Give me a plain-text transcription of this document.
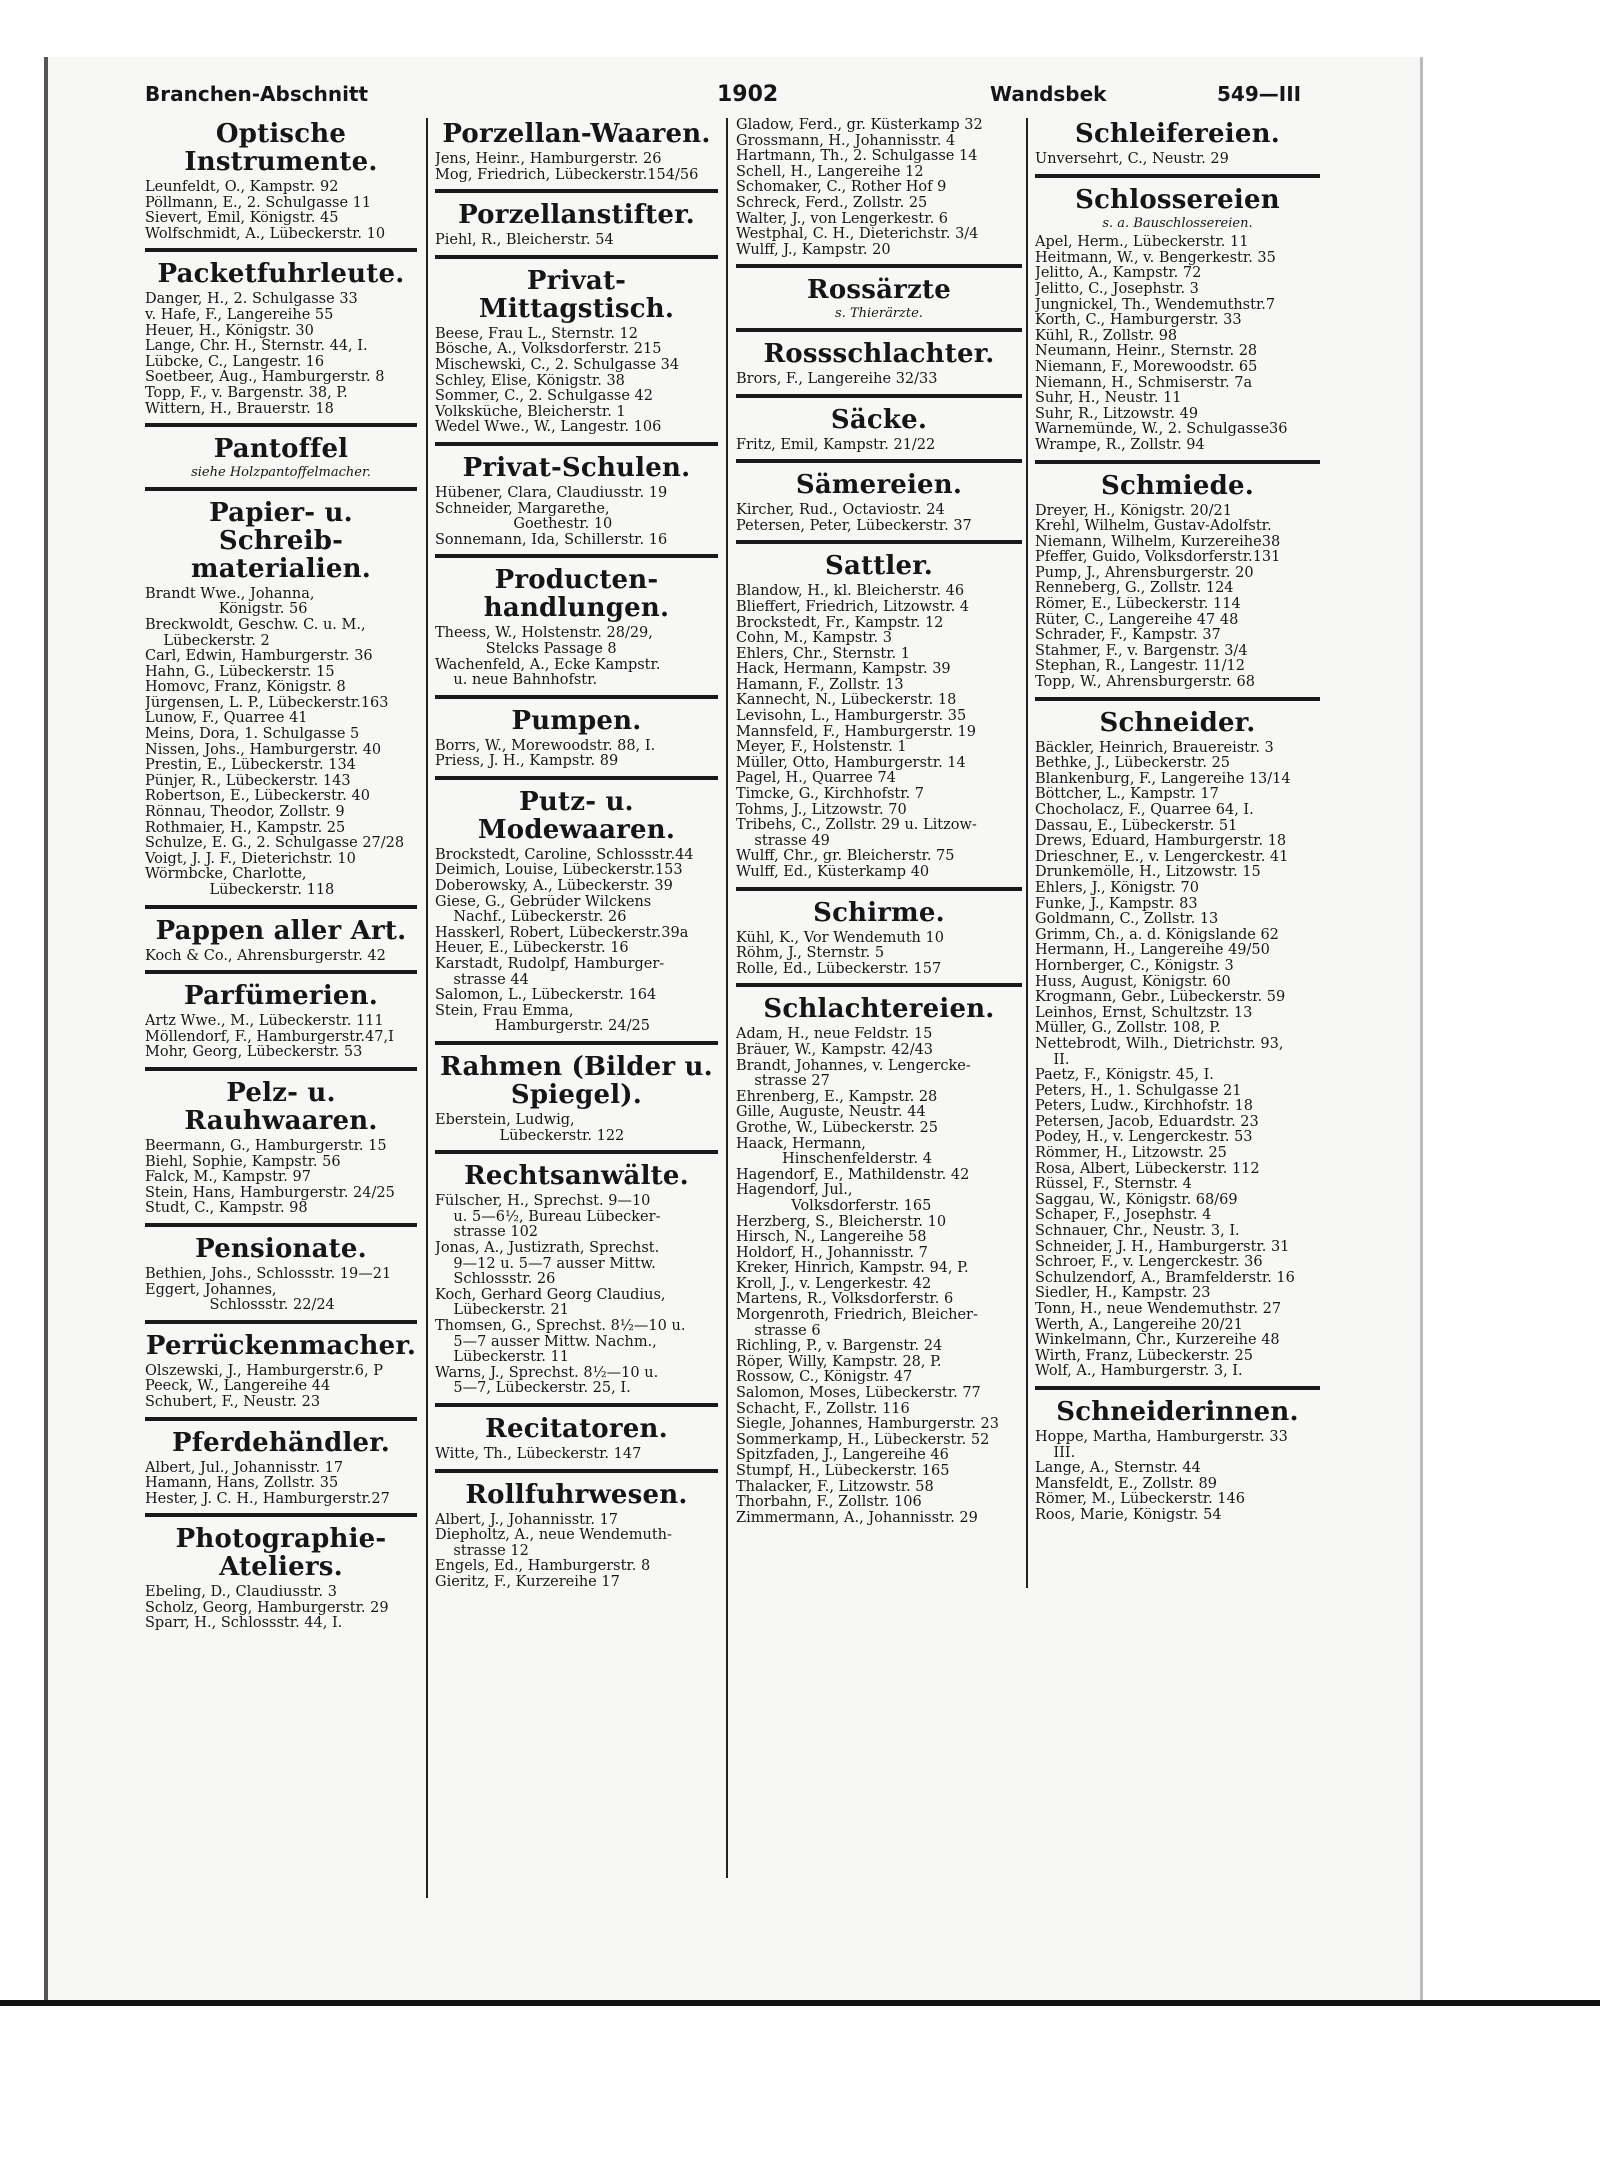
Branchen-Abschnitt	1902	Wandsbek	549—III
Optische Instrumente.
Leunfeldt, O., Kampstr. 92
Pöllmann, E., 2. Schulgasse 11
Sievert, Emil, Königstr. 45
Wolfschmidt, A., Lübeckerstr. 10
Packetfuhrleute.
Danger, H., 2. Schulgasse 33
v. Hafe, F., Langereihe 55
Heuer, H., Königstr. 30
Lange, Chr. H., Sternstr. 44, I.
Lübcke, C., Langestr. 16
Soetbeer, Aug., Hamburgerstr. 8
Topp, F., v. Bargenstr. 38, P.
Wittern, H., Brauerstr. 18
Pantoffel
siehe Holzpantoffelmacher.
Papier- u. Schreib-materialien.
Brandt Wwe., Johanna,
Königstr. 56
Breckwoldt, Geschw. C. u. M.,
Lübeckerstr. 2
Carl, Edwin, Hamburgerstr. 36
Hahn, G., Lübeckerstr. 15
Homovc, Franz, Königstr. 8
Jürgensen, L. P., Lübeckerstr.163
Lunow, F., Quarree 41
Meins, Dora, 1. Schulgasse 5
Nissen, Johs., Hamburgerstr. 40
Prestin, E., Lübeckerstr. 134
Pünjer, R., Lübeckerstr. 143
Robertson, E., Lübeckerstr. 40
Rönnau, Theodor, Zollstr. 9
Rothmaier, H., Kampstr. 25
Schulze, E. G., 2. Schulgasse 27/28
Voigt, J. J. F., Dieterichstr. 10
Wörmbcke, Charlotte,
Lübeckerstr. 118
Pappen aller Art.
Koch & Co., Ahrensburgerstr. 42
Parfümerien.
Artz Wwe., M., Lübeckerstr. 111
Möllendorf, F., Hamburgerstr.47,I
Mohr, Georg, Lübeckerstr. 53
Pelz- u. Rauhwaaren.
Beermann, G., Hamburgerstr. 15
Biehl, Sophie, Kampstr. 56
Falck, M., Kampstr. 97
Stein, Hans, Hamburgerstr. 24/25
Studt, C., Kampstr. 98
Pensionate.
Bethien, Johs., Schlossstr. 19—21
Eggert, Johannes,
Schlossstr. 22/24
Perrückenmacher.
Olszewski, J., Hamburgerstr.6, P
Peeck, W., Langereihe 44
Schubert, F., Neustr. 23
Pferdehändler.
Albert, Jul., Johannisstr. 17
Hamann, Hans, Zollstr. 35
Hester, J. C. H., Hamburgerstr.27
Photographie-Ateliers.
Ebeling, D., Claudiusstr. 3
Scholz, Georg, Hamburgerstr. 29
Sparr, H., Schlossstr. 44, I.
Porzellan-Waaren.
Jens, Heinr., Hamburgerstr. 26
Mog, Friedrich, Lübeckerstr.154/56
Porzellanstifter.
Piehl, R., Bleicherstr. 54
Privat-Mittagstisch.
Beese, Frau L., Sternstr. 12
Bösche, A., Volksdorferstr. 215
Mischewski, C., 2. Schulgasse 34
Schley, Elise, Königstr. 38
Sommer, C., 2. Schulgasse 42
Volksküche, Bleicherstr. 1
Wedel Wwe., W., Langestr. 106
Privat-Schulen.
Hübener, Clara, Claudiusstr. 19
Schneider, Margarethe,
Goethestr. 10
Sonnemann, Ida, Schillerstr. 16
Producten-handlungen.
Theess, W., Holstenstr. 28/29,
Stelcks Passage 8
Wachenfeld, A., Ecke Kampstr.
u. neue Bahnhofstr.
Pumpen.
Borrs, W., Morewoodstr. 88, I.
Priess, J. H., Kampstr. 89
Putz- u. Modewaaren.
Brockstedt, Caroline, Schlossstr.44
Deimich, Louise, Lübeckerstr.153
Doberowsky, A., Lübeckerstr. 39
Giese, G., Gebrüder Wilckens
Nachf., Lübeckerstr. 26
Hasskerl, Robert, Lübeckerstr.39a
Heuer, E., Lübeckerstr. 16
Karstadt, Rudolpf, Hamburger-
strasse 44
Salomon, L., Lübeckerstr. 164
Stein, Frau Emma,
Hamburgerstr. 24/25
Rahmen (Bilder u. Spiegel).
Eberstein, Ludwig,
Lübeckerstr. 122
Rechtsanwälte.
Fülscher, H., Sprechst. 9—10
u. 5—6½, Bureau Lübecker-
strasse 102
Jonas, A., Justizrath, Sprechst.
9—12 u. 5—7 ausser Mittw.
Schlossstr. 26
Koch, Gerhard Georg Claudius,
Lübeckerstr. 21
Thomsen, G., Sprechst. 8½—10 u.
5—7 ausser Mittw. Nachm.,
Lübeckerstr. 11
Warns, J., Sprechst. 8½—10 u.
5—7, Lübeckerstr. 25, I.
Recitatoren.
Witte, Th., Lübeckerstr. 147
Rollfuhrwesen.
Albert, J., Johannisstr. 17
Diepholtz, A., neue Wendemuth-
strasse 12
Engels, Ed., Hamburgerstr. 8
Gieritz, F., Kurzereihe 17
Gladow, Ferd., gr. Küsterkamp 32
Grossmann, H., Johannisstr. 4
Hartmann, Th., 2. Schulgasse 14
Schell, H., Langereihe 12
Schomaker, C., Rother Hof 9
Schreck, Ferd., Zollstr. 25
Walter, J., von Lengerkestr. 6
Westphal, C. H., Dieterichstr. 3/4
Wulff, J., Kampstr. 20
Rossärzte
s. Thierärzte.
Rossschlachter.
Brors, F., Langereihe 32/33
Säcke.
Fritz, Emil, Kampstr. 21/22
Sämereien.
Kircher, Rud., Octaviostr. 24
Petersen, Peter, Lübeckerstr. 37
Sattler.
Blandow, H., kl. Bleicherstr. 46
Blieffert, Friedrich, Litzowstr. 4
Brockstedt, Fr., Kampstr. 12
Cohn, M., Kampstr. 3
Ehlers, Chr., Sternstr. 1
Hack, Hermann, Kampstr. 39
Hamann, F., Zollstr. 13
Kannecht, N., Lübeckerstr. 18
Levisohn, L., Hamburgerstr. 35
Mannsfeld, F., Hamburgerstr. 19
Meyer, F., Holstenstr. 1
Müller, Otto, Hamburgerstr. 14
Pagel, H., Quarree 74
Timcke, G., Kirchhofstr. 7
Tohms, J., Litzowstr. 70
Tribehs, C., Zollstr. 29 u. Litzow-
strasse 49
Wulff, Chr., gr. Bleicherstr. 75
Wulff, Ed., Küsterkamp 40
Schirme.
Kühl, K., Vor Wendemuth 10
Röhm, J., Sternstr. 5
Rolle, Ed., Lübeckerstr. 157
Schlachtereien.
Adam, H., neue Feldstr. 15
Bräuer, W., Kampstr. 42/43
Brandt, Johannes, v. Lengercke-
strasse 27
Ehrenberg, E., Kampstr. 28
Gille, Auguste, Neustr. 44
Grothe, W., Lübeckerstr. 25
Haack, Hermann,
Hinschenfelderstr. 4
Hagendorf, E., Mathildenstr. 42
Hagendorf, Jul.,
Volksdorferstr. 165
Herzberg, S., Bleicherstr. 10
Hirsch, N., Langereihe 58
Holdorf, H., Johannisstr. 7
Kreker, Hinrich, Kampstr. 94, P.
Kroll, J., v. Lengerkestr. 42
Martens, R., Volksdorferstr. 6
Morgenroth, Friedrich, Bleicher-
strasse 6
Richling, P., v. Bargenstr. 24
Röper, Willy, Kampstr. 28, P.
Rossow, C., Königstr. 47
Salomon, Moses, Lübeckerstr. 77
Schacht, F., Zollstr. 116
Siegle, Johannes, Hamburgerstr. 23
Sommerkamp, H., Lübeckerstr. 52
Spitzfaden, J., Langereihe 46
Stumpf, H., Lübeckerstr. 165
Thalacker, F., Litzowstr. 58
Thorbahn, F., Zollstr. 106
Zimmermann, A., Johannisstr. 29
Schleifereien.
Unversehrt, C., Neustr. 29
Schlossereien
s. a. Bauschlossereien.
Apel, Herm., Lübeckerstr. 11
Heitmann, W., v. Bengerkestr. 35
Jelitto, A., Kampstr. 72
Jelitto, C., Josephstr. 3
Jungnickel, Th., Wendemuthstr.7
Korth, C., Hamburgerstr. 33
Kühl, R., Zollstr. 98
Neumann, Heinr., Sternstr. 28
Niemann, F., Morewoodstr. 65
Niemann, H., Schmiserstr. 7a
Suhr, H., Neustr. 11
Suhr, R., Litzowstr. 49
Warnemünde, W., 2. Schulgasse36
Wrampe, R., Zollstr. 94
Schmiede.
Dreyer, H., Königstr. 20/21
Krehl, Wilhelm, Gustav-Adolfstr.
Niemann, Wilhelm, Kurzereihe38
Pfeffer, Guido, Volksdorferstr.131
Pump, J., Ahrensburgerstr. 20
Renneberg, G., Zollstr. 124
Römer, E., Lübeckerstr. 114
Rüter, C., Langereihe 47 48
Schrader, F., Kampstr. 37
Stahmer, F., v. Bargenstr. 3/4
Stephan, R., Langestr. 11/12
Topp, W., Ahrensburgerstr. 68
Schneider.
Bäckler, Heinrich, Brauereistr. 3
Bethke, J., Lübeckerstr. 25
Blankenburg, F., Langereihe 13/14
Böttcher, L., Kampstr. 17
Chocholacz, F., Quarree 64, I.
Dassau, E., Lübeckerstr. 51
Drews, Eduard, Hamburgerstr. 18
Drieschner, E., v. Lengerckestr. 41
Drunkemölle, H., Litzowstr. 15
Ehlers, J., Königstr. 70
Funke, J., Kampstr. 83
Goldmann, C., Zollstr. 13
Grimm, Ch., a. d. Königslande 62
Hermann, H., Langereihe 49/50
Hornberger, C., Königstr. 3
Huss, August, Königstr. 60
Krogmann, Gebr., Lübeckerstr. 59
Leinhos, Ernst, Schultzstr. 13
Müller, G., Zollstr. 108, P.
Nettebrodt, Wilh., Dietrichstr. 93,
II.
Paetz, F., Königstr. 45, I.
Peters, H., 1. Schulgasse 21
Peters, Ludw., Kirchhofstr. 18
Petersen, Jacob, Eduardstr. 23
Podey, H., v. Lengerckestr. 53
Römmer, H., Litzowstr. 25
Rosa, Albert, Lübeckerstr. 112
Rüssel, F., Sternstr. 4
Saggau, W., Königstr. 68/69
Schaper, F., Josephstr. 4
Schnauer, Chr., Neustr. 3, I.
Schneider, J. H., Hamburgerstr. 31
Schroer, F., v. Lengerckestr. 36
Schulzendorf, A., Bramfelderstr. 16
Siedler, H., Kampstr. 23
Tonn, H., neue Wendemuthstr. 27
Werth, A., Langereihe 20/21
Winkelmann, Chr., Kurzereihe 48
Wirth, Franz, Lübeckerstr. 25
Wolf, A., Hamburgerstr. 3, I.
Schneiderinnen.
Hoppe, Martha, Hamburgerstr. 33
III.
Lange, A., Sternstr. 44
Mansfeldt, E., Zollstr. 89
Römer, M., Lübeckerstr. 146
Roos, Marie, Königstr. 54
